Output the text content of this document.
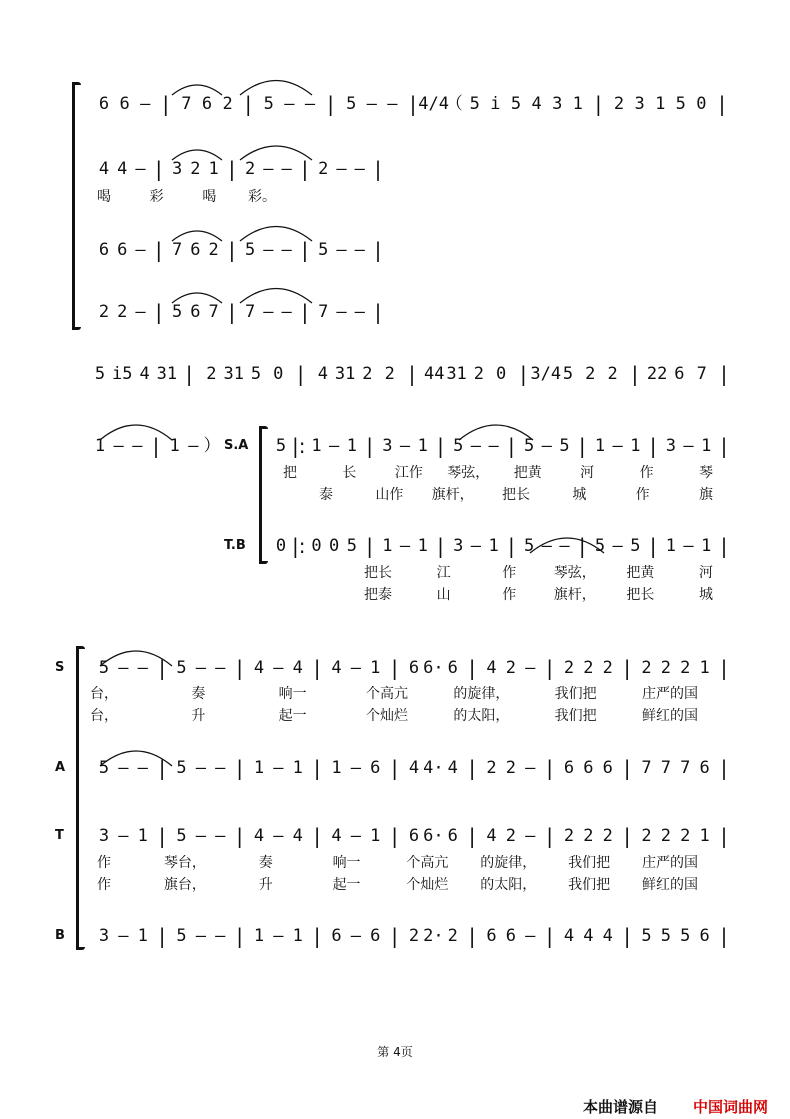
6 6 – | 7 6 2 | 5 – – | 5 – – | 4/4
（ 5 i 5 4 3 1 | 2 3 1 5 0 |
4 4 – | 3 2 1 | 2 – – | 2 – – |
喝	彩	喝 彩。
6 6 – | 7 6 2 | 5 – – | 5 – – |
2 2 – | 5 6 7 | 7 – – | 7 – – |
5 i5 4 31 | 2 31 5 0 | 4 31 2 2 | 44 31 2 0 | 3/4 5 2 2 | 22 6 7 |
1 – – | 1 – ） S.A 5 |: 1 – 1 | 3 – 1 | 5 – – | 5 – 5 | 1 – 1 | 3 – 1 |
把	长	江作 琴弦， 把黄	河	作	琴
泰	山作 旗杆， 把长	城	作	旗
T.B 0 |: 0 0 5 | 1 – 1 | 3 – 1 | 5 – – | 5 – 5 | 1 – 1 |
把长	江	作	琴弦， 把黄	河
把泰	山	作	旗杆， 把长	城
S
A
T
B
5 – – | 5 – – | 4 – 4 | 4 – 1 | 6 6· 6 | 4 2 – | 2 2 2 | 2 2 2 1 |
台，	奏	响一	个高亢	的旋律，	我们把	庄严的国
台，	升	起一	个灿烂	的太阳，	我们把	鲜红的国
5 – – | 5 – – | 1 – 1 | 1 – 6 | 4 4· 4 | 2 2 – | 6 6 6 | 7 7 7 6 |
3 – 1 | 5 – – | 4 – 4 | 4 – 1 | 6 6· 6 | 4 2 – | 2 2 2 | 2 2 2 1 |
作	琴台，	奏	响一	个高亢 的旋律， 我们把 庄严的国
作	旗台，	升	起一	个灿烂 的太阳， 我们把 鲜红的国
3 – 1 | 5 – – | 1 – 1 | 6 – 6 | 2 2· 2 | 6 6 – | 4 4 4 | 5 5 5 6 |
第 4页
本曲谱源自 中国词曲网
